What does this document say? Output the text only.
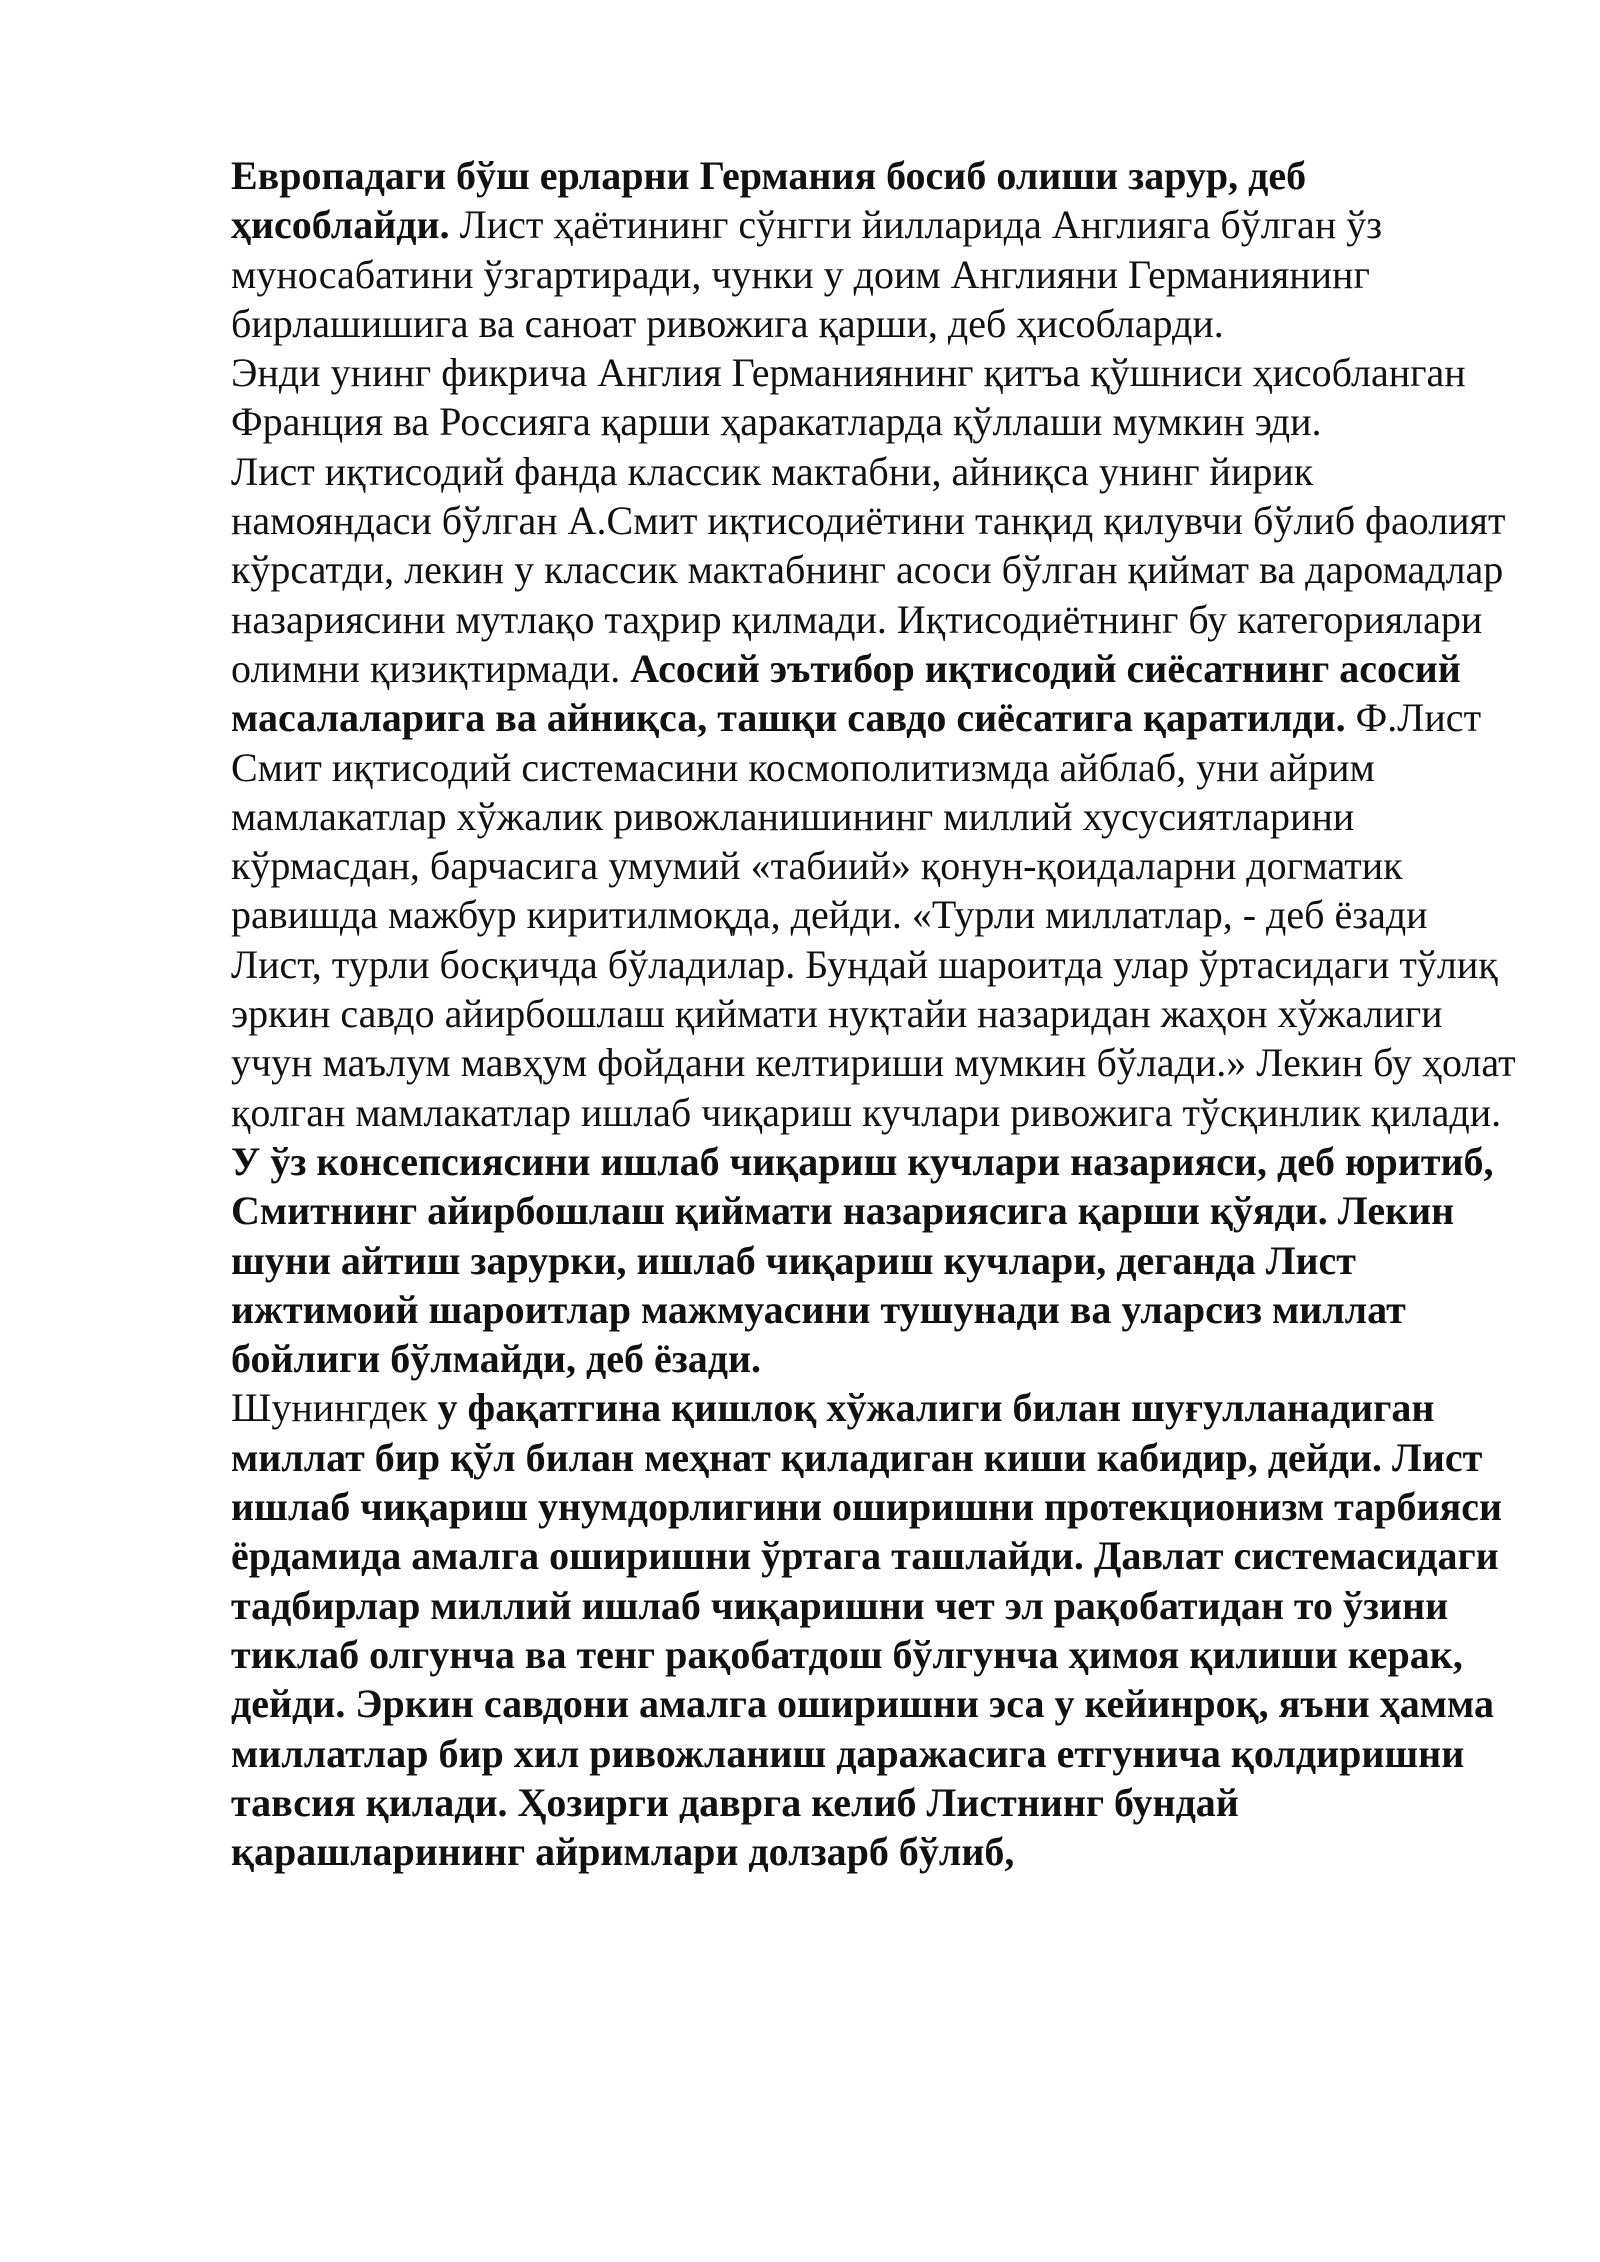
Европадаги бўш ерларни Германия босиб олиши зарур, деб ҳисоблайди. Лист ҳаётининг сўнгги йилларида Англияга бўлган ўз муносабатини ўзгартиради, чунки у доим Англияни Германиянинг бирлашишига ва саноат ривожига қарши, деб ҳисобларди.

Энди унинг фикрича Англия Германиянинг қитъа қўшниси ҳисобланган Франция ва Россияга қарши ҳаракатларда қўллаши мумкин эди.

Лист иқтисодий фанда классик мактабни, айниқса унинг йирик намояндаси бўлган А.Смит иқтисодиётини танқид қилувчи бўлиб фаолият кўрсатди, лекин у классик мактабнинг асоси бўлган қиймат ва даромадлар назариясини мутлақо таҳрир қилмади. Иқтисодиётнинг бу категориялари олимни қизиқтирмади. Асосий эътибор иқтисодий сиёсатнинг асосий масалаларига ва айниқса, ташқи савдо сиёсатига қаратилди. Ф.Лист Смит иқтисодий системасини космополитизмда айблаб, уни айрим мамлакатлар хўжалик ривожланишининг миллий хусусиятларини кўрмасдан, барчасига умумий «табиий» қонун-қоидаларни догматик равишда мажбур киритилмоқда, дейди. «Турли миллатлар, - деб ёзади Лист, турли босқичда бўладилар. Бундай шароитда улар ўртасидаги тўлиқ эркин савдо айирбошлаш қиймати нуқтайи назаридан жаҳон хўжалиги учун маълум мавҳум фойдани келтириши мумкин бўлади.» Лекин бу ҳолат қолган мамлакатлар ишлаб чиқариш кучлари ривожига тўсқинлик қилади.

У ўз консепсиясини ишлаб чиқариш кучлари назарияси, деб юритиб, Смитнинг айирбошлаш қиймати назариясига қарши қўяди. Лекин шуни айтиш зарурки, ишлаб чиқариш кучлари, деганда Лист ижтимоий шароитлар мажмуасини тушунади ва уларсиз миллат бойлиги бўлмайди, деб ёзади.

Шунингдек у фақатгина қишлоқ хўжалиги билан шуғулланадиган миллат бир қўл билан меҳнат қиладиган киши кабидир, дейди. Лист ишлаб чиқариш унумдорлигини оширишни протекционизм тарбияси ёрдамида амалга оширишни ўртага ташлайди. Давлат системасидаги тадбирлар миллий ишлаб чиқаришни чет эл рақобатидан то ўзини тиклаб олгунча ва тенг рақобатдош бўлгунча ҳимоя қилиши керак, дейди. Эркин савдони амалга оширишни эса у кейинроқ, яъни ҳамма миллатлар бир хил ривожланиш даражасига етгунича қолдиришни тавсия қилади. Ҳозирги даврга келиб Листнинг бундай қарашларининг айримлари долзарб бўлиб,
